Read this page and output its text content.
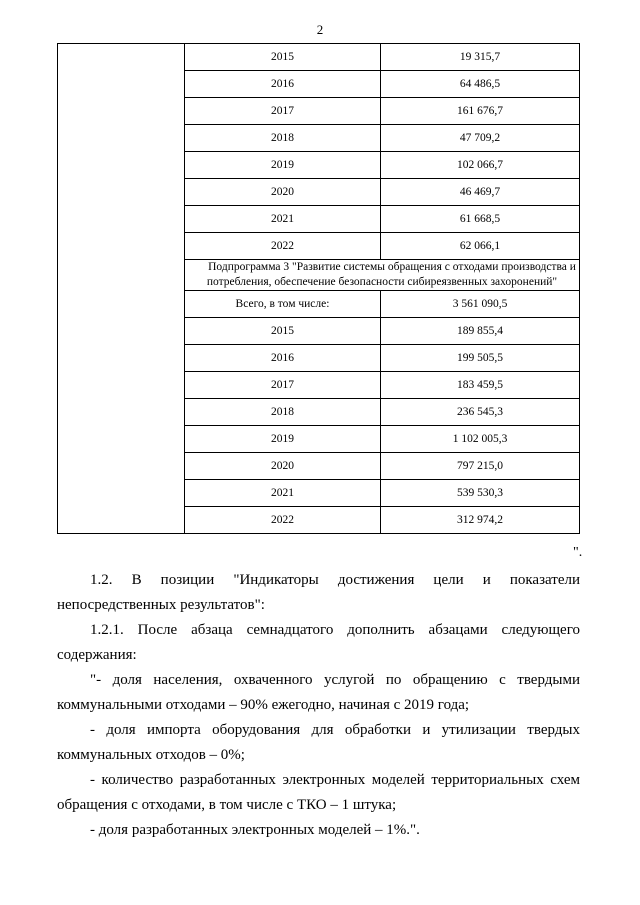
2
	2015	19 315,7
	2016	64 486,5
	2017	161 676,7
	2018	47 709,2
	2019	102 066,7
	2020	46 469,7
	2021	61 668,5
	2022	62 066,1

	Подпрограмма 3 "Развитие системы обращения с отходами производства и потребления, обеспечение безопасности сибиреязвенных захоронений"	

	Всего, в том числе:	3 561 090,5
	2015	189 855,4
	2016	199 505,5
	2017	183 459,5
	2018	236 545,3
	2019	1 102 005,3
	2020	797 215,0
	2021	539 530,3
	2022	312 974,2
".

1.2. В позиции "Индикаторы достижения цели и показатели непосредственных результатов":

1.2.1. После абзаца семнадцатого дополнить абзацами следующего содержания:

"- доля населения, охваченного услугой по обращению с твердыми коммунальными отходами – 90% ежегодно, начиная с 2019 года;

- доля импорта оборудования для обработки и утилизации твердых коммунальных отходов – 0%;

- количество разработанных электронных моделей территориальных схем обращения с отходами, в том числе с ТКО – 1 штука;

- доля разработанных электронных моделей – 1%.".
